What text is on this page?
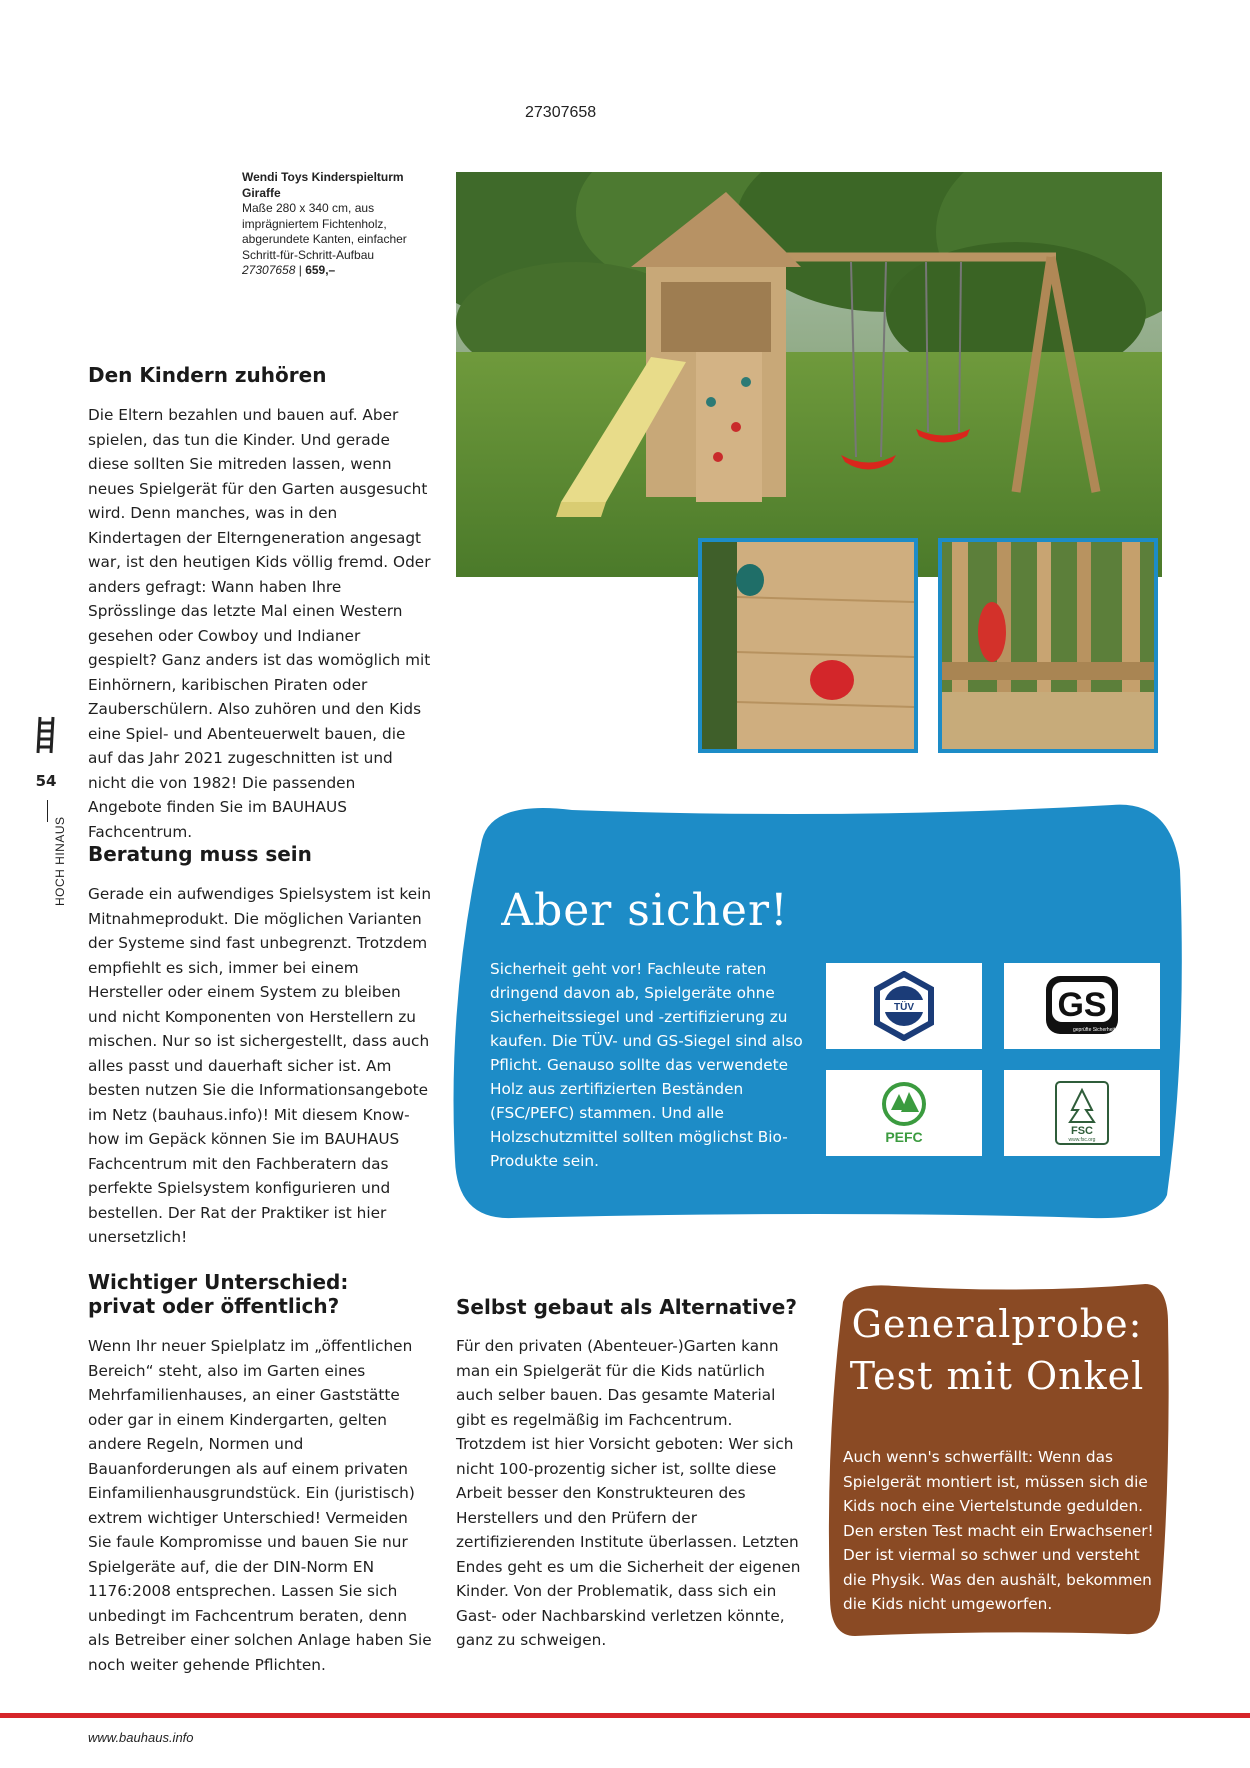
27307658
Wendi Toys Kinderspielturm Giraffe
Maße 280 x 340 cm, aus imprägniertem Fichtenholz, abgerundete Kanten, einfacher Schritt-für-Schritt-Aufbau
27307658 | 659,–
54
HOCH HINAUS
Den Kindern zuhören
Die Eltern bezahlen und bauen auf. Aber spielen, das tun die Kinder. Und gerade diese sollten Sie mitreden lassen, wenn neues Spielgerät für den Garten ausgesucht wird. Denn manches, was in den Kindertagen der Elterngeneration angesagt war, ist den heutigen Kids völlig fremd. Oder anders gefragt: Wann haben Ihre Sprösslinge das letzte Mal einen Western gesehen oder Cowboy und Indianer gespielt? Ganz anders ist das womöglich mit Einhörnern, karibischen Piraten oder Zauberschülern. Also zuhören und den Kids eine Spiel- und Abenteuerwelt bauen, die auf das Jahr 2021 zugeschnitten ist und nicht die von 1982! Die passenden Angebote finden Sie im BAUHAUS Fachcentrum.
Beratung muss sein
Gerade ein aufwendiges Spielsystem ist kein Mitnahmeprodukt. Die möglichen Varianten der Systeme sind fast unbegrenzt. Trotzdem empfiehlt es sich, immer bei einem Hersteller oder einem System zu bleiben und nicht Komponenten von Herstellern zu mischen. Nur so ist sichergestellt, dass auch alles passt und dauerhaft sicher ist. Am besten nutzen Sie die Informationsangebote im Netz (bauhaus.info)! Mit diesem Know-how im Gepäck können Sie im BAUHAUS Fachcentrum mit den Fachberatern das perfekte Spielsystem konfigurieren und bestellen. Der Rat der Praktiker ist hier unersetzlich!
Aber sicher!
Sicherheit geht vor! Fachleute raten dringend davon ab, Spielgeräte ohne Sicherheitssiegel und -zertifizierung zu kaufen. Die TÜV- und GS-Siegel sind also Pflicht. Genauso sollte das verwendete Holz aus zertifizierten Beständen (FSC/PEFC) stammen. Und alle Holzschutzmittel sollten möglichst Bio-Produkte sein.
TÜV	GS
geprüfte Sicherheit
PEFC	FSC
www.fsc.org
Wichtiger Unterschied:
privat oder öffentlich?
Wenn Ihr neuer Spielplatz im „öffentlichen Bereich“ steht, also im Garten eines Mehrfamilienhauses, an einer Gaststätte oder gar in einem Kindergarten, gelten andere Regeln, Normen und Bauanforderungen als auf einem privaten Einfamilienhausgrundstück. Ein (juristisch) extrem wichtiger Unterschied! Vermeiden Sie faule Kompromisse und bauen Sie nur Spielgeräte auf, die der DIN-Norm EN 1176:2008 entsprechen. Lassen Sie sich unbedingt im Fachcentrum beraten, denn als Betreiber einer solchen Anlage haben Sie noch weiter gehende Pflichten.
Selbst gebaut als Alternative?
Für den privaten (Abenteuer-)Garten kann man ein Spielgerät für die Kids natürlich auch selber bauen. Das gesamte Material gibt es regelmäßig im Fachcentrum. Trotzdem ist hier Vorsicht geboten: Wer sich nicht 100-prozentig sicher ist, sollte diese Arbeit besser den Konstrukteuren des Herstellers und den Prüfern der zertifizierenden Institute überlassen. Letzten Endes geht es um die Sicherheit der eigenen Kinder. Von der Problematik, dass sich ein Gast- oder Nachbarskind verletzen könnte, ganz zu schweigen.
Generalprobe:
Test mit Onkel
Auch wenn's schwerfällt: Wenn das Spielgerät montiert ist, müssen sich die Kids noch eine Viertelstunde gedulden. Den ersten Test macht ein Erwachsener! Der ist viermal so schwer und versteht die Physik. Was den aushält, bekommen die Kids nicht umgeworfen.
www.bauhaus.info
